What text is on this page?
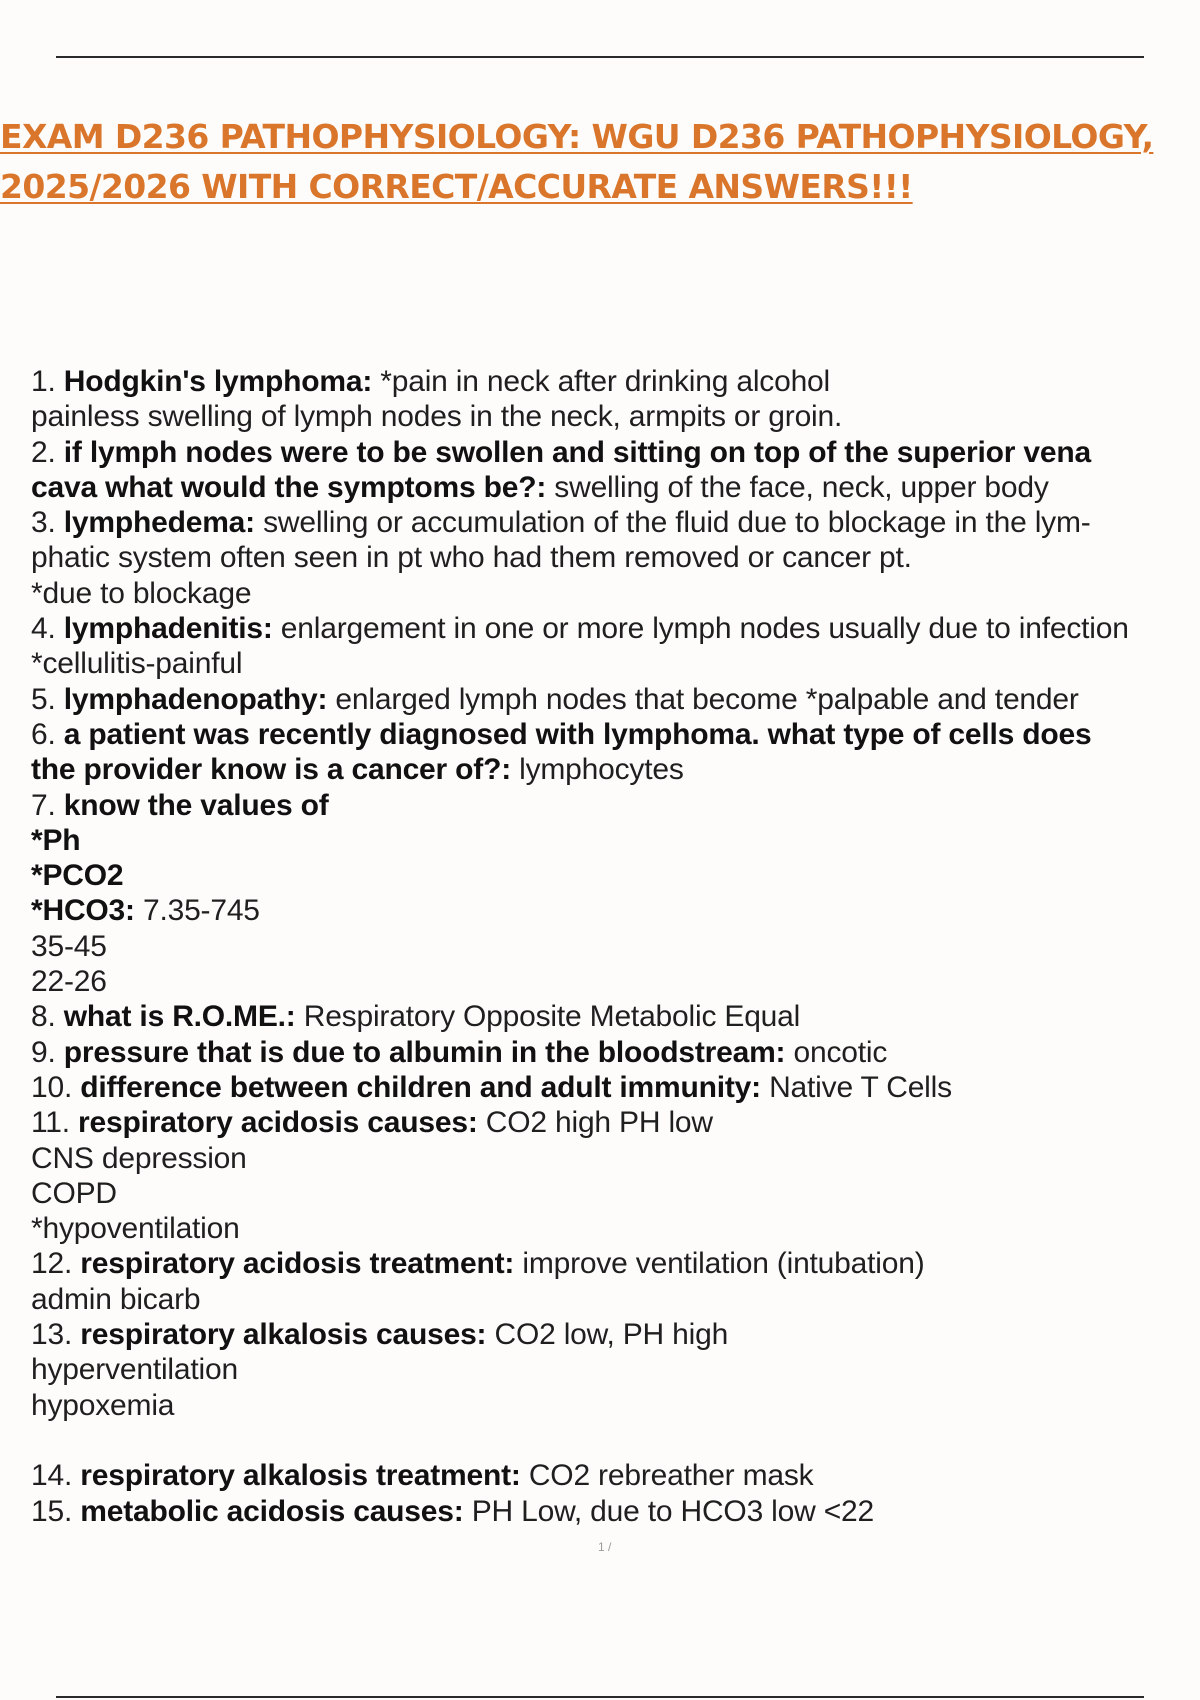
EXAM D236 PATHOPHYSIOLOGY: WGU D236 PATHOPHYSIOLOGY,
2025/2026 WITH CORRECT/ACCURATE ANSWERS!!!
1. Hodgkin's lymphoma: *pain in neck after drinking alcohol
painless swelling of lymph nodes in the neck, armpits or groin.
2. if lymph nodes were to be swollen and sitting on top of the superior vena
cava what would the symptoms be?: swelling of the face, neck, upper body
3. lymphedema: swelling or accumulation of the fluid due to blockage in the lym-
phatic system often seen in pt who had them removed or cancer pt.
*due to blockage
4. lymphadenitis: enlargement in one or more lymph nodes usually due to infection
*cellulitis-painful
5. lymphadenopathy: enlarged lymph nodes that become *palpable and tender
6. a patient was recently diagnosed with lymphoma. what type of cells does
the provider know is a cancer of?: lymphocytes
7. know the values of
*Ph
*PCO2
*HCO3: 7.35-745
35-45
22-26
8. what is R.O.ME.: Respiratory Opposite Metabolic Equal
9. pressure that is due to albumin in the bloodstream: oncotic
10. difference between children and adult immunity: Native T Cells
11. respiratory acidosis causes: CO2 high PH low
CNS depression
COPD
*hypoventilation
12. respiratory acidosis treatment: improve ventilation (intubation)
admin bicarb
13. respiratory alkalosis causes: CO2 low, PH high
hyperventilation
hypoxemia
14. respiratory alkalosis treatment: CO2 rebreather mask
15. metabolic acidosis causes: PH Low, due to HCO3 low <22
1 /
